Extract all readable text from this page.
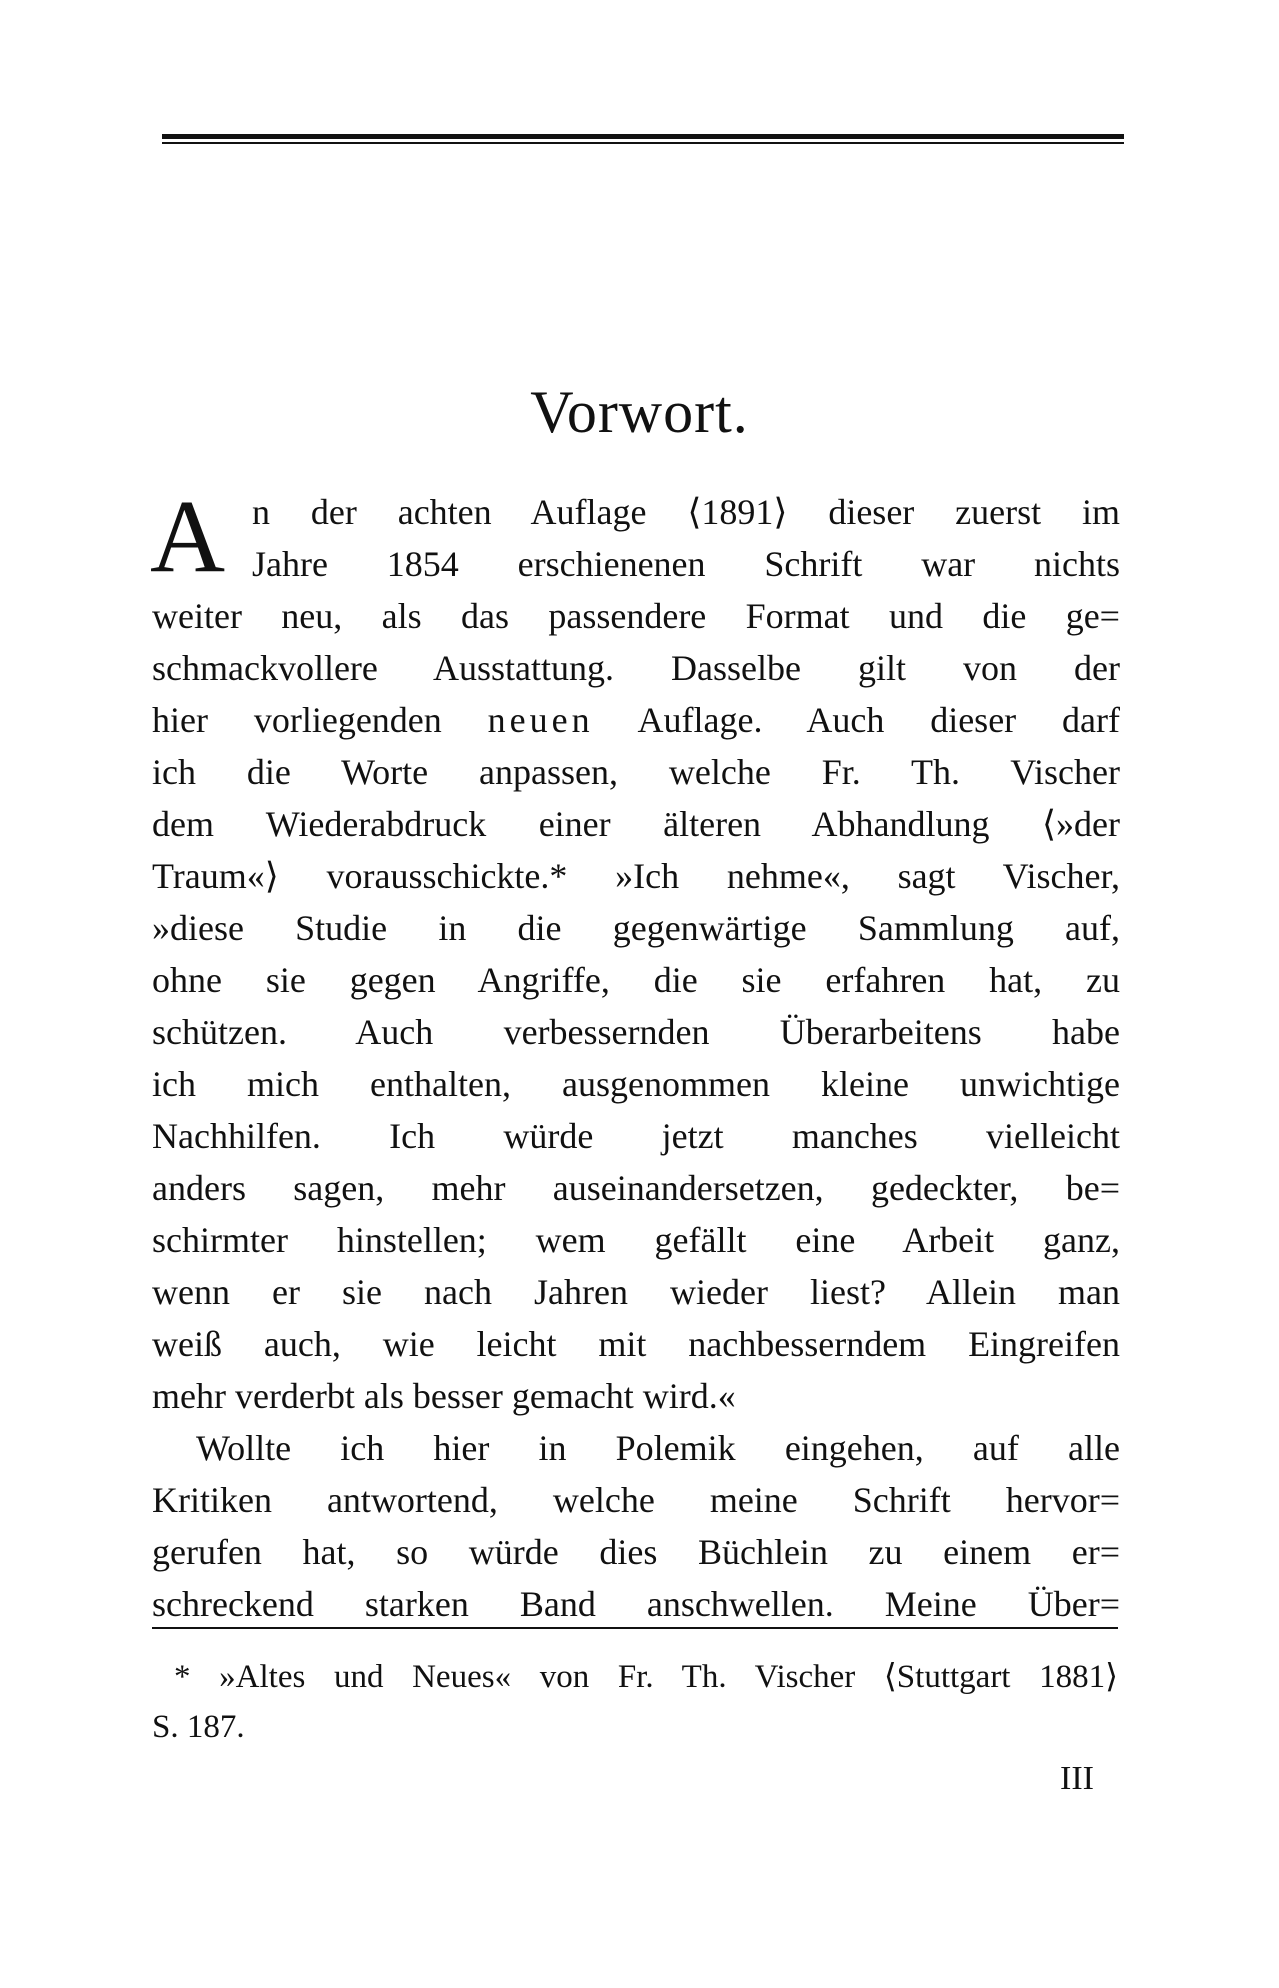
Vorwort.
A n der achten Auflage ⟨1891⟩ dieser zuerst im
Jahre 1854 erschienenen Schrift war nichts
weiter neu, als das passendere Format und die ge=
schmackvollere Ausstattung. Dasselbe gilt von der
hier vorliegenden neuen Auflage. Auch dieser darf
ich die Worte anpassen, welche Fr. Th. Vischer
dem Wiederabdruck einer älteren Abhandlung ⟨»der
Traum«⟩ vorausschickte.* »Ich nehme«, sagt Vischer,
»diese Studie in die gegenwärtige Sammlung auf,
ohne sie gegen Angriffe, die sie erfahren hat, zu
schützen. Auch verbessernden Überarbeitens habe
ich mich enthalten, ausgenommen kleine unwichtige
Nachhilfen. Ich würde jetzt manches vielleicht
anders sagen, mehr auseinandersetzen, gedeckter, be=
schirmter hinstellen; wem gefällt eine Arbeit ganz,
wenn er sie nach Jahren wieder liest? Allein man
weiß auch, wie leicht mit nachbesserndem Eingreifen
mehr verderbt als besser gemacht wird.«
Wollte ich hier in Polemik eingehen, auf alle
Kritiken antwortend, welche meine Schrift hervor=
gerufen hat, so würde dies Büchlein zu einem er=
schreckend starken Band anschwellen. Meine Über=
* »Altes und Neues« von Fr. Th. Vischer ⟨Stuttgart 1881⟩
S. 187.
III
